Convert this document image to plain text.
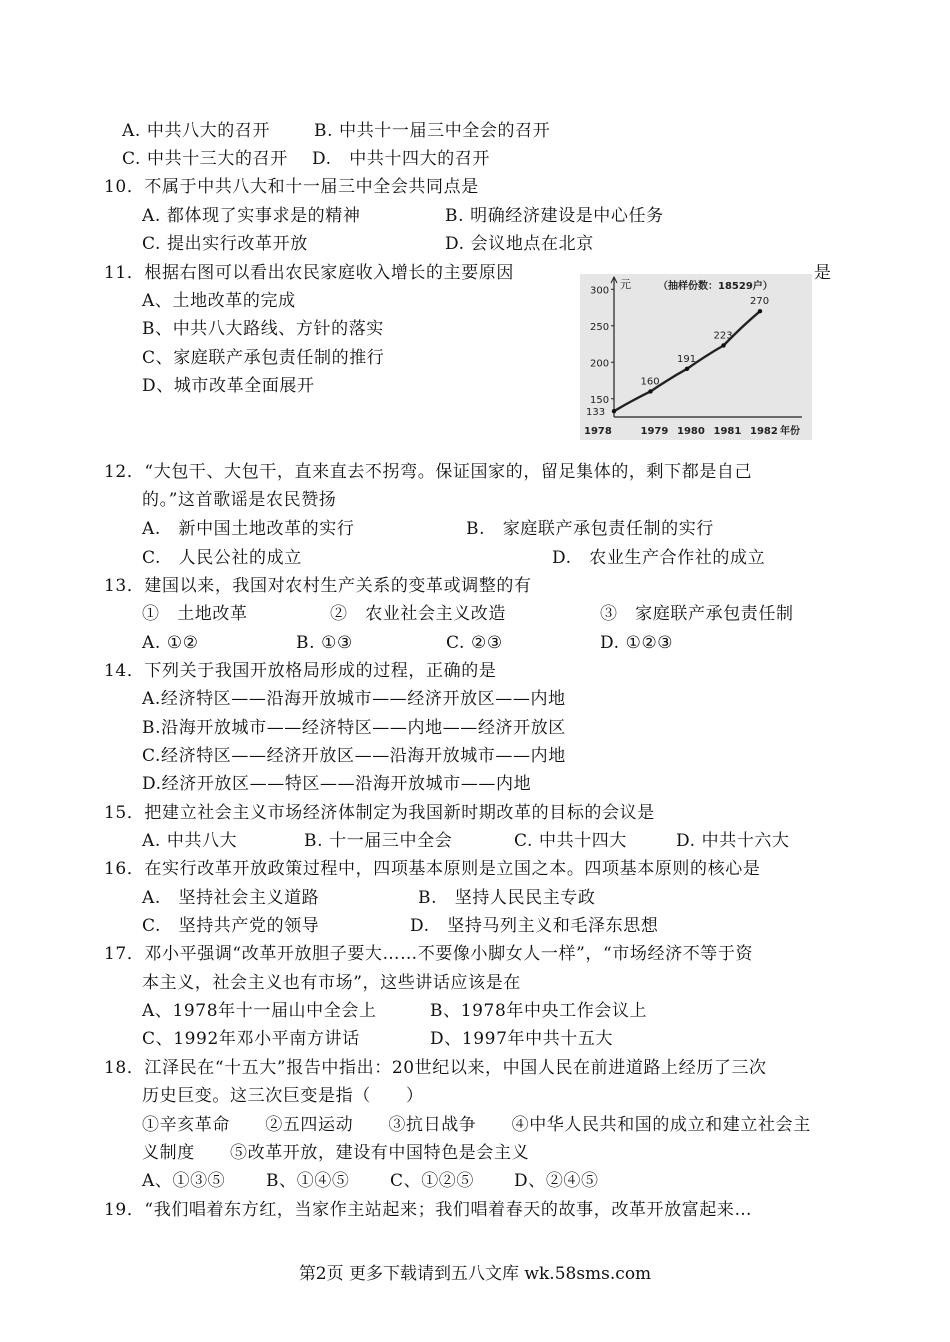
A. 中共八大的召开	B. 中共十一届三中全会的召开
C. 中共十三大的召开 D.　中共十四大的召开
10．不属于中共八大和十一届三中全会共同点是
A. 都体现了实事求是的精神	B. 明确经济建设是中心任务
C. 提出实行改革开放	D. 会议地点在北京
11．根据右图可以看出农民家庭收入增长的主要原因	是
A、土地改革的完成
B、中共八大路线、方针的落实
C、家庭联产承包责任制的推行
D、城市改革全面展开
元	（抽样份数：18529户）
300
250
200
150
1978	1979 1980 1981 1982 年份
133
160
191
223
270
12．“大包干、大包干，直来直去不拐弯。保证国家的，留足集体的，剩下都是自己
的。”这首歌谣是农民赞扬
A.　新中国土地改革的实行	B.　家庭联产承包责任制的实行
C.　人民公社的成立	D.　农业生产合作社的成立
13．建国以来，我国对农村生产关系的变革或调整的有
①　土地改革	②　农业社会主义改造	③　家庭联产承包责任制
A. ①②	B. ①③	C. ②③	D. ①②③
14．下列关于我国开放格局形成的过程，正确的是
A.经济特区——沿海开放城市——经济开放区——内地
B.沿海开放城市——经济特区——内地——经济开放区
C.经济特区——经济开放区——沿海开放城市——内地
D.经济开放区——特区——沿海开放城市——内地
15．把建立社会主义市场经济体制定为我国新时期改革的目标的会议是
A. 中共八大	B. 十一届三中全会	C. 中共十四大	D. 中共十六大
16．在实行改革开放政策过程中，四项基本原则是立国之本。四项基本原则的核心是
A.　坚持社会主义道路	B.　坚持人民民主专政
C.　坚持共产党的领导	D.　坚持马列主义和毛泽东思想
17．邓小平强调“改革开放胆子要大……不要像小脚女人一样”，“市场经济不等于资
本主义，社会主义也有市场”，这些讲话应该是在
A、1978年十一届山中全会上	B、1978年中央工作会议上
C、1992年邓小平南方讲话	D、1997年中共十五大
18．江泽民在“十五大”报告中指出：20世纪以来，中国人民在前进道路上经历了三次
历史巨变。这三次巨变是指（　　）
①辛亥革命　　②五四运动　　③抗日战争　　④中华人民共和国的成立和建立社会主
义制度　　⑤改革开放，建设有中国特色是会主义
A、①③⑤ B、①④⑤ C、①②⑤ D、②④⑤
19．“我们唱着东方红，当家作主站起来；我们唱着春天的故事，改革开放富起来…
第2页 更多下载请到五八文库 wk.58sms.com
